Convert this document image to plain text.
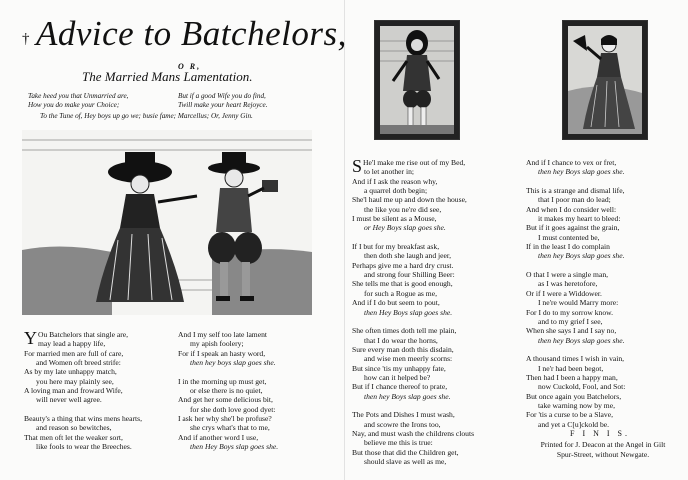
† Advice to Batchelors,
O R,
The Married Mans Lamentation.
Take heed you that Unmarried are,
How you do make your Choice;
But if a good Wife you do find,
Twill make your heart Rejoyce.
To the Tune of, Hey boys up go we; busie fame; Marcellus; Or, Jenny Gin.
Y Ou Batchelors that single are,
may lead a happy life,
For married men are full of care,
and Women oft breed strife:
As by my late unhappy match,
you here may plainly see,
A loving man and froward Wife,
will never well agree.
Beauty's a thing that wins mens hearts,
and reason so bewitches,
That men oft let the weaker sort,
like fools to wear the Breeches.
And I my self too late lament
my apish foolery;
For if I speak an hasty word,
then hey boys slap goes she.
I in the morning up must get,
or else there is no quiet,
And get her some delicious bit,
for she doth love good dyet:
I ask her why she'l be profuse?
she crys what's that to me,
And if another word I use,
then Hey Boys slap goes she.
S He'l make me rise out of my Bed,
to let another in;
And if I ask the reason why,
a quarrel doth begin;
She'l haul me up and down the house,
the like you ne're did see,
I must be silent as a Mouse,
or Hey Boys slap goes she.
If I but for my breakfast ask,
then doth she laugh and jeer,
Perhaps give me a hard dry crust.
and strong four Shilling Beer:
She tells me that is good enough,
for such a Rogue as me,
And if I do but seem to pout,
then Hey Boys slap goes she.
She often times doth tell me plain,
that I do wear the horns,
Sure every man doth this disdain,
and wise men meerly scorns:
But since 'tis my unhappy fate,
how can it helped be?
But if I chance thereof to prate,
then hey Boys slap goes she.
The Pots and Dishes I must wash,
and scowre the Irons too,
Nay, and must wash the childrens clouts
believe me this is true:
But those that did the Children get,
should slave as well as me,
And if I chance to vex or fret,
then hey Boys slap goes she.
This is a strange and dismal life,
that I poor man do lead;
And when I do consider well:
it makes my heart to bleed:
But if it goes against the grain,
I must contented be,
If in the least I do complain
then hey Boys slap goes she.
O that I were a single man,
as I was heretofore,
Or if I were a Widdower.
I ne're would Marry more:
For I do to my sorrow know.
and to my grief I see,
When she says I and I say no,
then hey Boys slap goes she.
A thousand times I wish in vain,
I ne'r had been begot,
Then had I been a happy man,
now Cuckold, Fool, and Sot:
But once again you Batchelors,
take warning now by me,
For 'tis a curse to be a Slave,
and yet a C[u]ckold be.
F I N I S.
Printed for J. Deacon at the Angel in Gilt
Spur-Street, without Newgate.
